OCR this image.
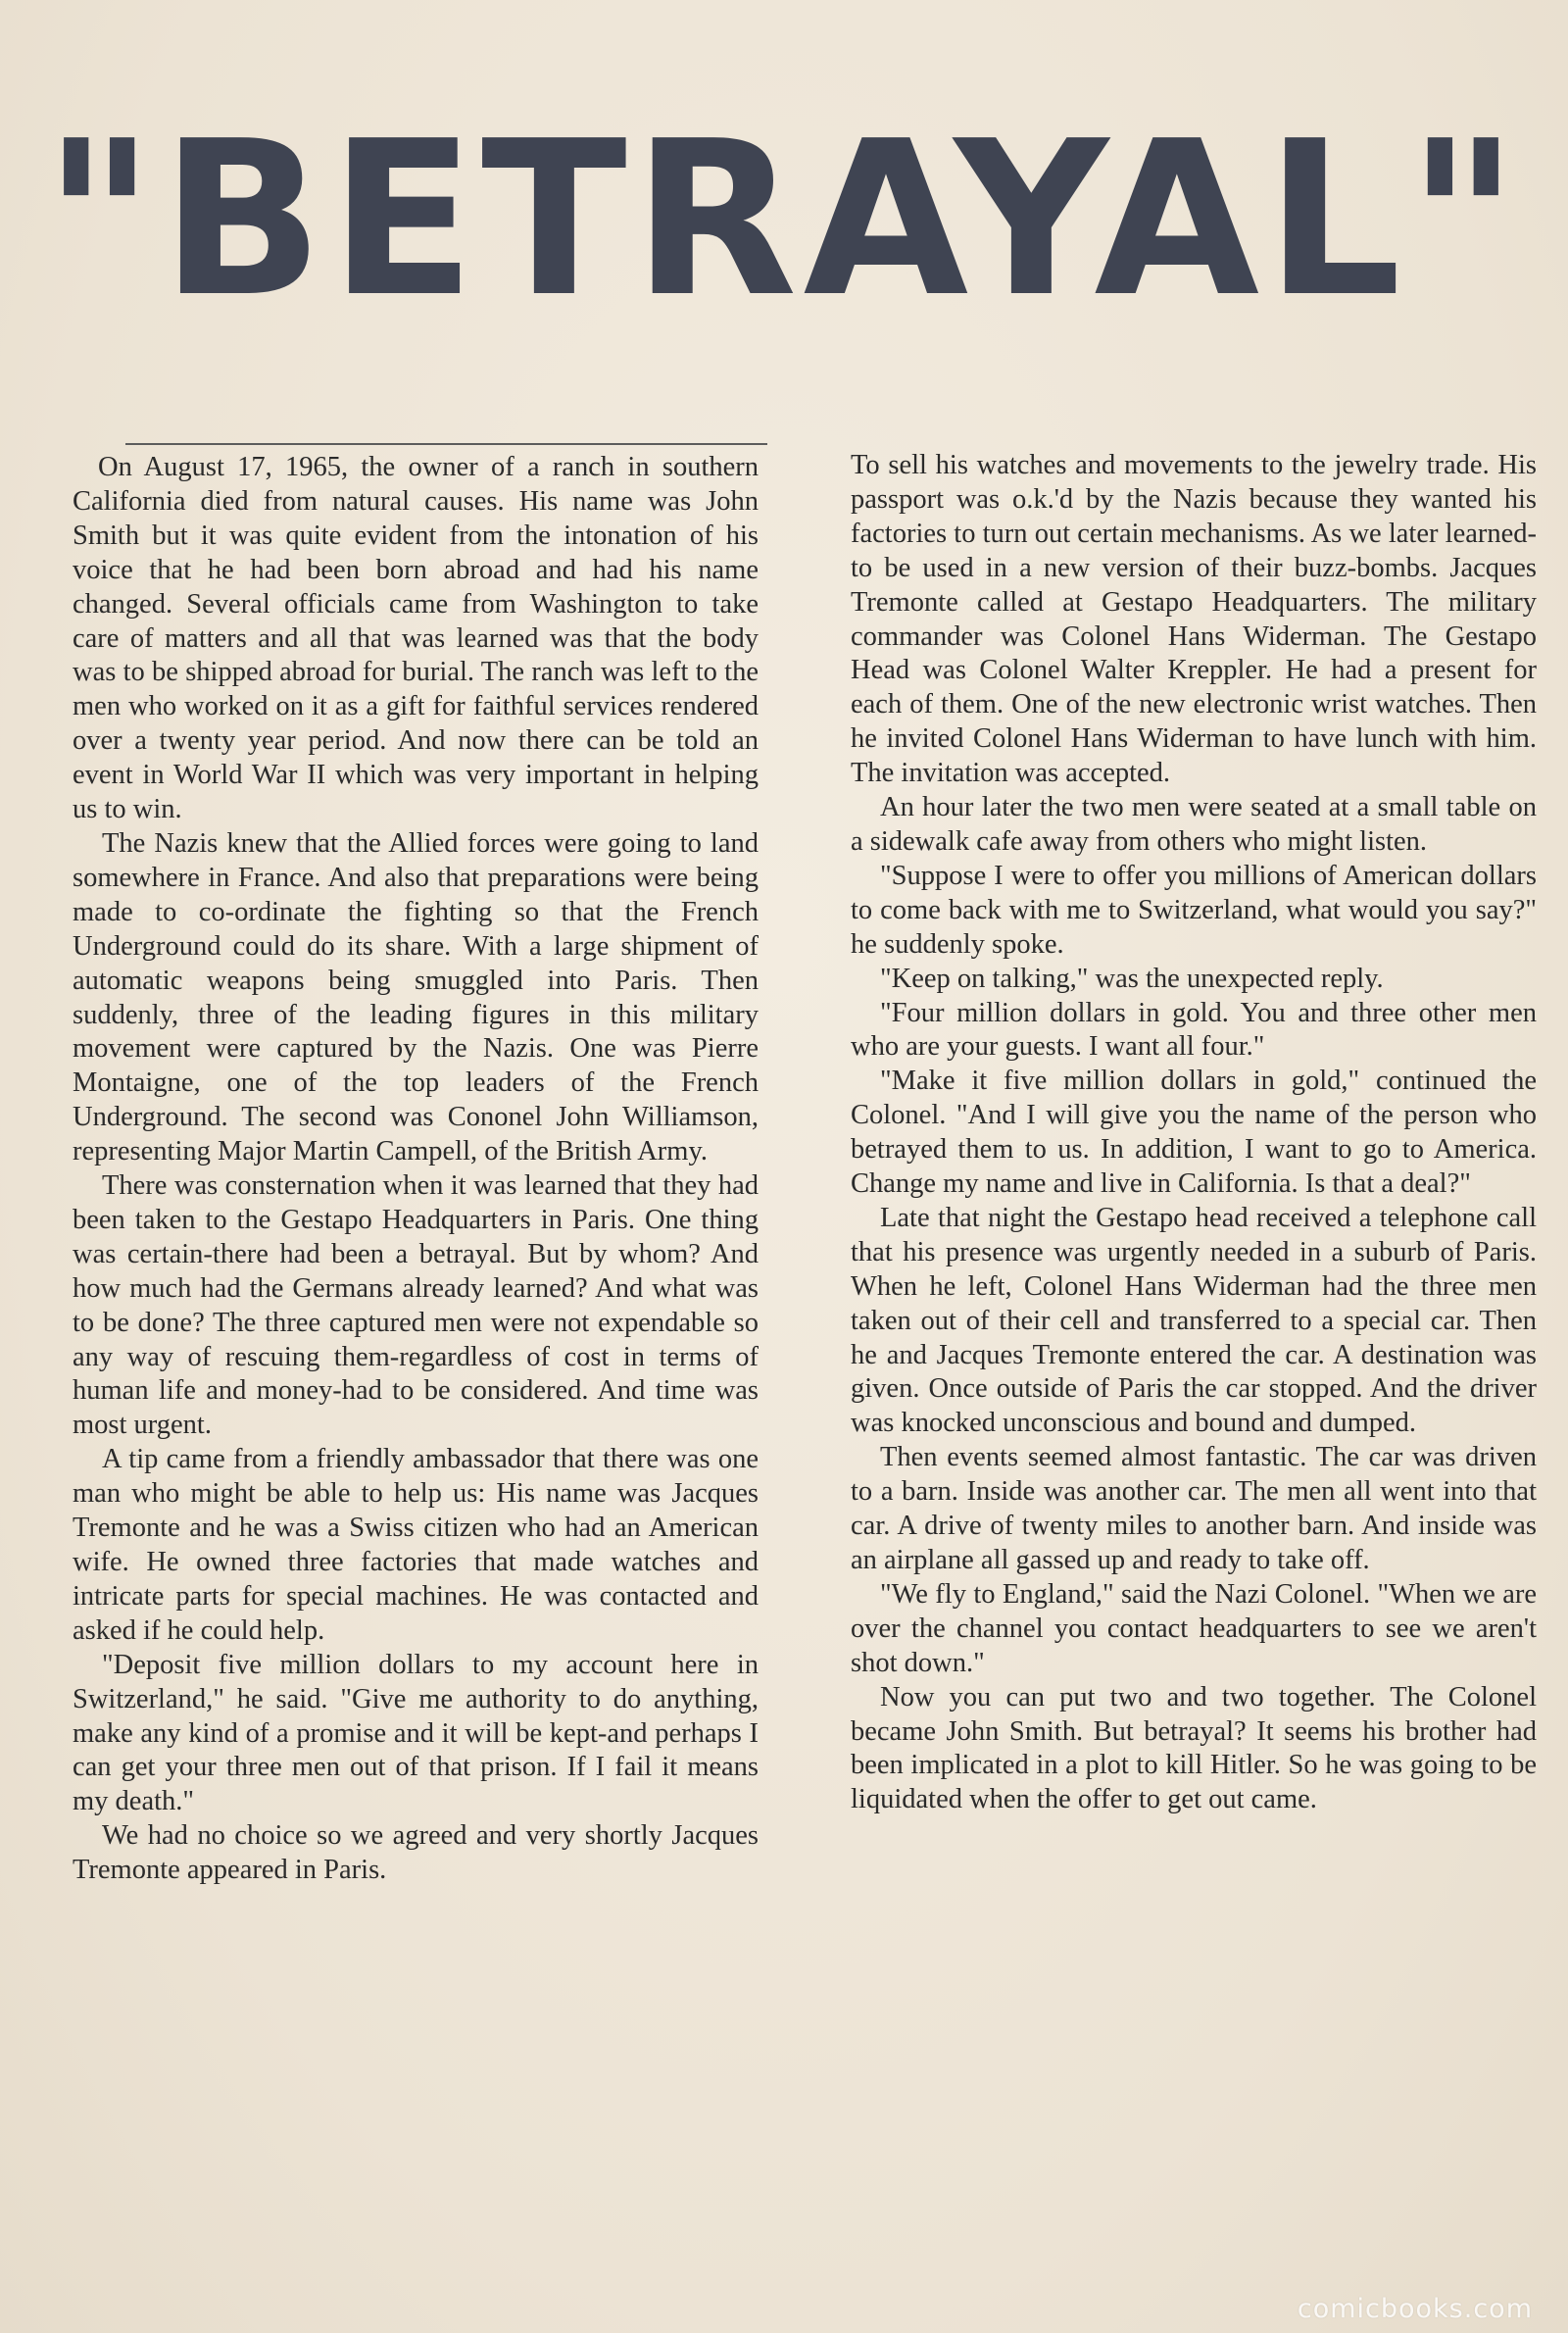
"BETRAYAL"

On August 17, 1965, the owner of a ranch in southern California died from natural causes. His name was John Smith but it was quite evident from the intonation of his voice that he had been born abroad and had his name changed. Several officials came from Washington to take care of matters and all that was learned was that the body was to be shipped abroad for burial. The ranch was left to the men who worked on it as a gift for faithful services rendered over a twenty year period. And now there can be told an event in World War II which was very important in helping us to win.

The Nazis knew that the Allied forces were going to land somewhere in France. And also that preparations were being made to co-ordinate the fighting so that the French Underground could do its share. With a large shipment of automatic weapons being smuggled into Paris. Then suddenly, three of the leading figures in this military movement were captured by the Nazis. One was Pierre Montaigne, one of the top leaders of the French Underground. The second was Cononel John Williamson, representing Major Martin Campell, of the British Army.

There was consternation when it was learned that they had been taken to the Gestapo Headquarters in Paris. One thing was certain-there had been a betrayal. But by whom? And how much had the Germans already learned? And what was to be done? The three captured men were not expendable so any way of rescuing them-regardless of cost in terms of human life and money-had to be considered. And time was most urgent.

A tip came from a friendly ambassador that there was one man who might be able to help us: His name was Jacques Tremonte and he was a Swiss citizen who had an American wife. He owned three factories that made watches and intricate parts for special machines. He was contacted and asked if he could help.

"Deposit five million dollars to my account here in Switzerland," he said. "Give me authority to do anything, make any kind of a promise and it will be kept-and perhaps I can get your three men out of that prison. If I fail it means my death."

We had no choice so we agreed and very shortly Jacques Tremonte appeared in Paris.

To sell his watches and movements to the jewelry trade. His passport was o.k.'d by the Nazis because they wanted his factories to turn out certain mechanisms. As we later learned-to be used in a new version of their buzz-bombs. Jacques Tremonte called at Gestapo Headquarters. The military commander was Colonel Hans Widerman. The Gestapo Head was Colonel Walter Kreppler. He had a present for each of them. One of the new electronic wrist watches. Then he invited Colonel Hans Widerman to have lunch with him. The invitation was accepted.

An hour later the two men were seated at a small table on a sidewalk cafe away from others who might listen.

"Suppose I were to offer you millions of American dollars to come back with me to Switzerland, what would you say?" he suddenly spoke.

"Keep on talking," was the unexpected reply.

"Four million dollars in gold. You and three other men who are your guests. I want all four."

"Make it five million dollars in gold," continued the Colonel. "And I will give you the name of the person who betrayed them to us. In addition, I want to go to America. Change my name and live in California. Is that a deal?"

Late that night the Gestapo head received a telephone call that his presence was urgently needed in a suburb of Paris. When he left, Colonel Hans Widerman had the three men taken out of their cell and transferred to a special car. Then he and Jacques Tremonte entered the car. A destination was given. Once outside of Paris the car stopped. And the driver was knocked unconscious and bound and dumped.

Then events seemed almost fantastic. The car was driven to a barn. Inside was another car. The men all went into that car. A drive of twenty miles to another barn. And inside was an airplane all gassed up and ready to take off.

"We fly to England," said the Nazi Colonel. "When we are over the channel you contact headquarters to see we aren't shot down."

Now you can put two and two together. The Colonel became John Smith. But betrayal? It seems his brother had been implicated in a plot to kill Hitler. So he was going to be liquidated when the offer to get out came.

comicbooks.com
